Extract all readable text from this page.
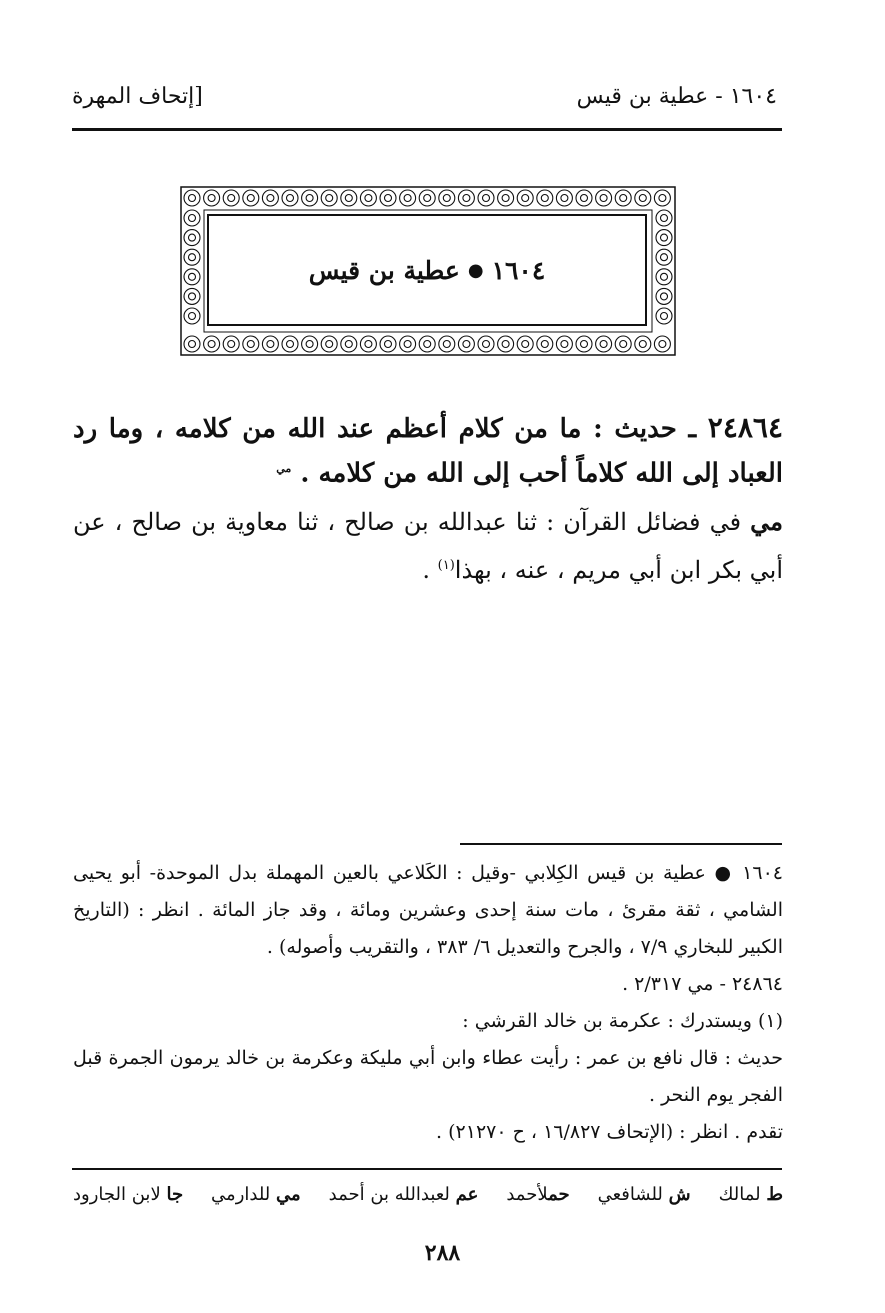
١٦٠٤ - عطية بن قيس
[إتحاف المهرة
١٦٠٤
●
عطية بن قيس
٢٤٨٦٤ ـ حديث : ما من كلام أعظم عند الله من كلامه ، وما رد العباد إلى الله كلاماً أحب إلى الله من كلامه . $^{مي}$
مي في فضائل القرآن : ثنا عبدالله بن صالح ، ثنا معاوية بن صالح ، عن أبي بكر ابن أبي مريم ، عنه ، بهذا$^{(١)}$ .

١٦٠٤ ● عطية بن قيس الكِلابي -وقيل : الكَلاعي بالعين المهملة بدل الموحدة- أبو يحيى الشامي ، ثقة مقرئ ، مات سنة إحدى وعشرين ومائة ، وقد جاز المائة . انظر : (التاريخ الكبير للبخاري ٧/٩ ، والجرح والتعديل ٦/ ٣٨٣ ، والتقريب وأصوله) .

٢٤٨٦٤ - مي ٢/٣١٧ .

(١) ويستدرك : عكرمة بن خالد القرشي :

حديث : قال نافع بن عمر : رأيت عطاء وابن أبي مليكة وعكرمة بن خالد يرمون الجمرة قبل الفجر يوم النحر .

تقدم . انظر : (الإتحاف ١٦/٨٢٧ ، ح ٢١٢٧٠) .

ط لمالك
ش للشافعي
حملأحمد
عم لعبدالله بن أحمد
مي للدارمي
جا لابن الجارود
٢٨٨
